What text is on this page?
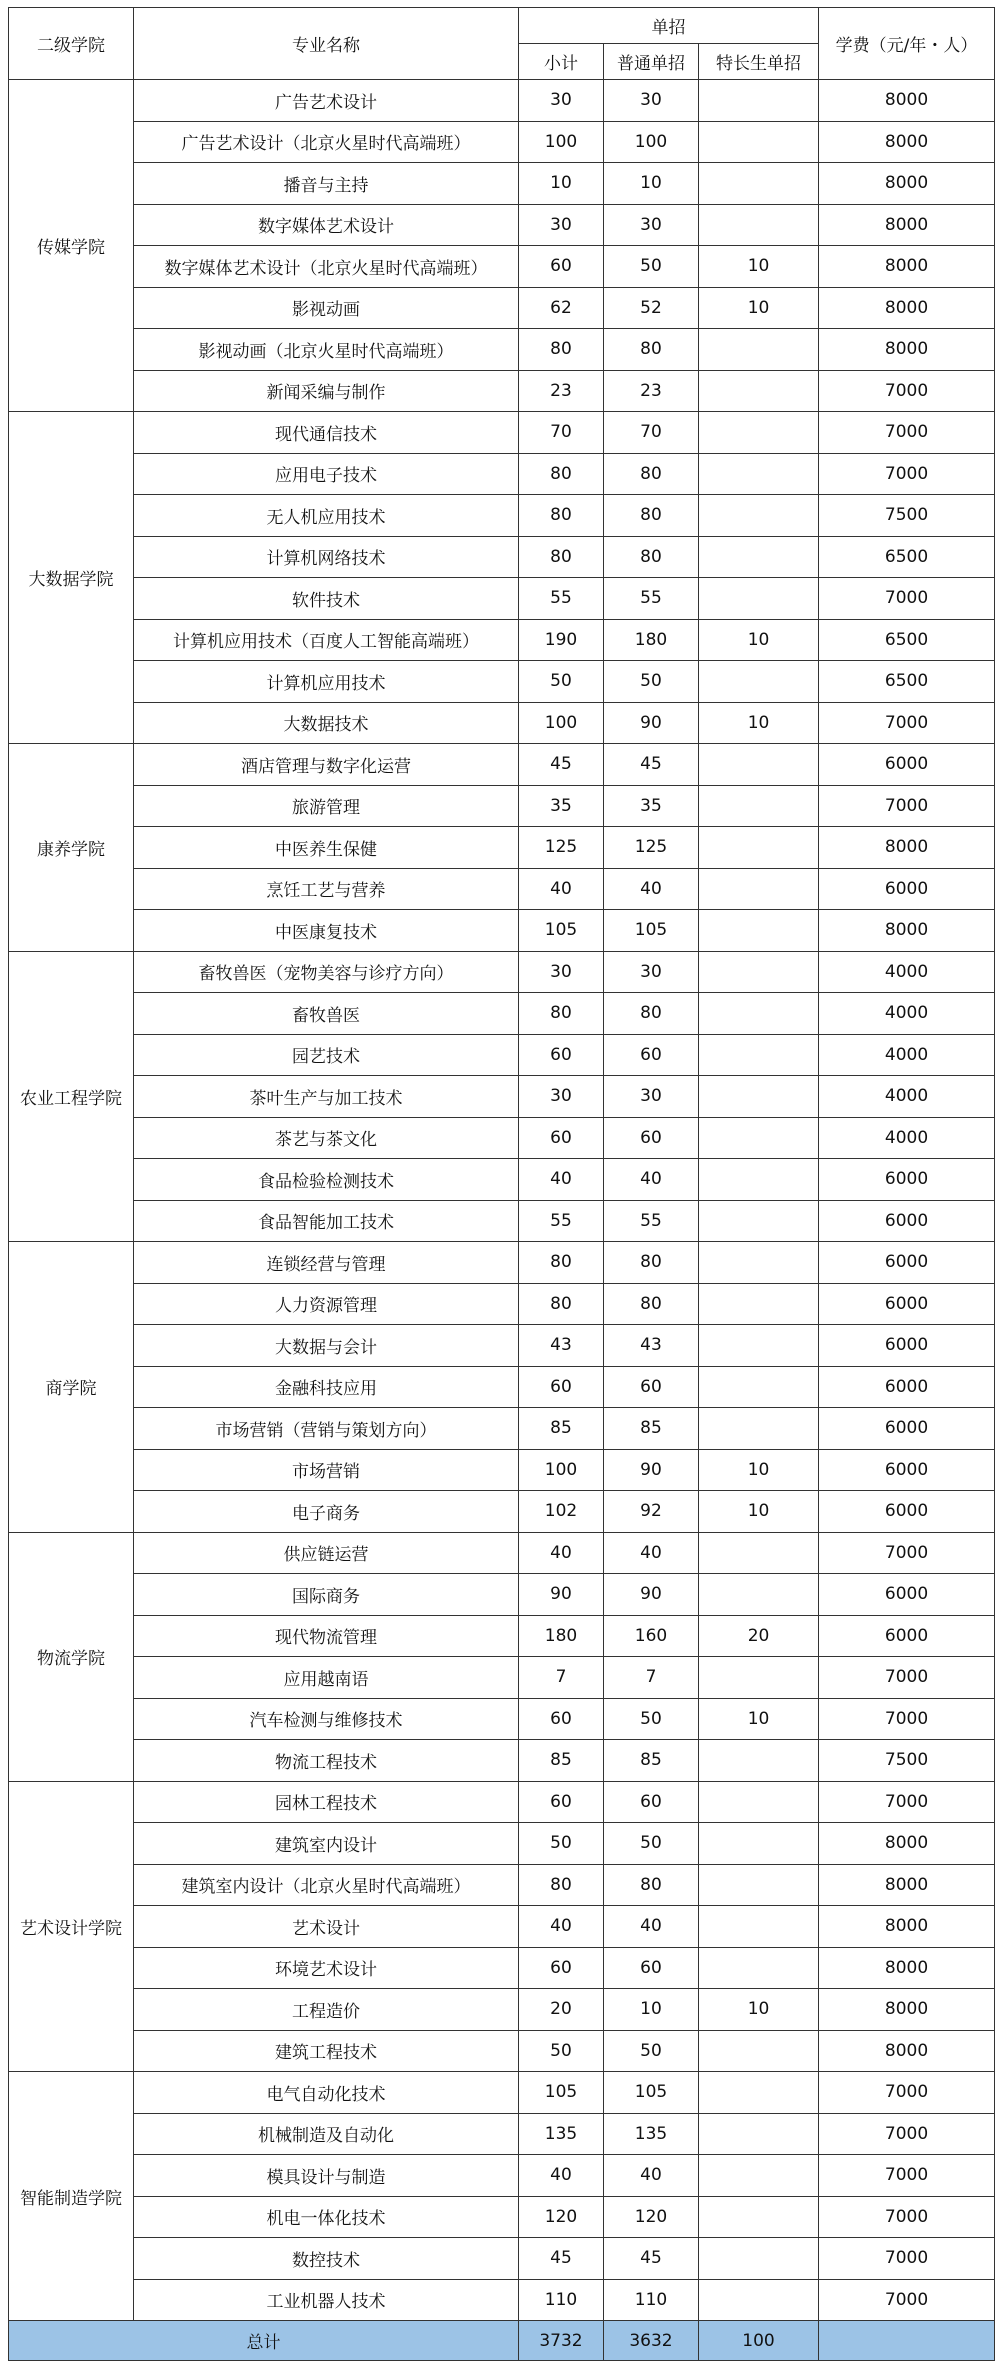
二级学院	专业名称	单招			学费（元/年・人）
		小计	普通单招	特长生单招	
传媒学院	广告艺术设计	30	30		8000
	广告艺术设计（北京火星时代高端班）	100	100		8000
	播音与主持	10	10		8000
	数字媒体艺术设计	30	30		8000
	数字媒体艺术设计（北京火星时代高端班）	60	50	10	8000
	影视动画	62	52	10	8000
	影视动画（北京火星时代高端班）	80	80		8000
	新闻采编与制作	23	23		7000
大数据学院	现代通信技术	70	70		7000
	应用电子技术	80	80		7000
	无人机应用技术	80	80		7500
	计算机网络技术	80	80		6500
	软件技术	55	55		7000
	计算机应用技术（百度人工智能高端班）	190	180	10	6500
	计算机应用技术	50	50		6500
	大数据技术	100	90	10	7000
康养学院	酒店管理与数字化运营	45	45		6000
	旅游管理	35	35		7000
	中医养生保健	125	125		8000
	烹饪工艺与营养	40	40		6000
	中医康复技术	105	105		8000
农业工程学院	畜牧兽医（宠物美容与诊疗方向）	30	30		4000
	畜牧兽医	80	80		4000
	园艺技术	60	60		4000
	茶叶生产与加工技术	30	30		4000
	茶艺与茶文化	60	60		4000
	食品检验检测技术	40	40		6000
	食品智能加工技术	55	55		6000
商学院	连锁经营与管理	80	80		6000
	人力资源管理	80	80		6000
	大数据与会计	43	43		6000
	金融科技应用	60	60		6000
	市场营销（营销与策划方向）	85	85		6000
	市场营销	100	90	10	6000
	电子商务	102	92	10	6000
物流学院	供应链运营	40	40		7000
	国际商务	90	90		6000
	现代物流管理	180	160	20	6000
	应用越南语	7	7		7000
	汽车检测与维修技术	60	50	10	7000
	物流工程技术	85	85		7500
艺术设计学院	园林工程技术	60	60		7000
	建筑室内设计	50	50		8000
	建筑室内设计（北京火星时代高端班）	80	80		8000
	艺术设计	40	40		8000
	环境艺术设计	60	60		8000
	工程造价	20	10	10	8000
	建筑工程技术	50	50		8000
智能制造学院	电气自动化技术	105	105		7000
	机械制造及自动化	135	135		7000
	模具设计与制造	40	40		7000
	机电一体化技术	120	120		7000
	数控技术	45	45		7000
	工业机器人技术	110	110		7000
总计		3732	3632	100	
